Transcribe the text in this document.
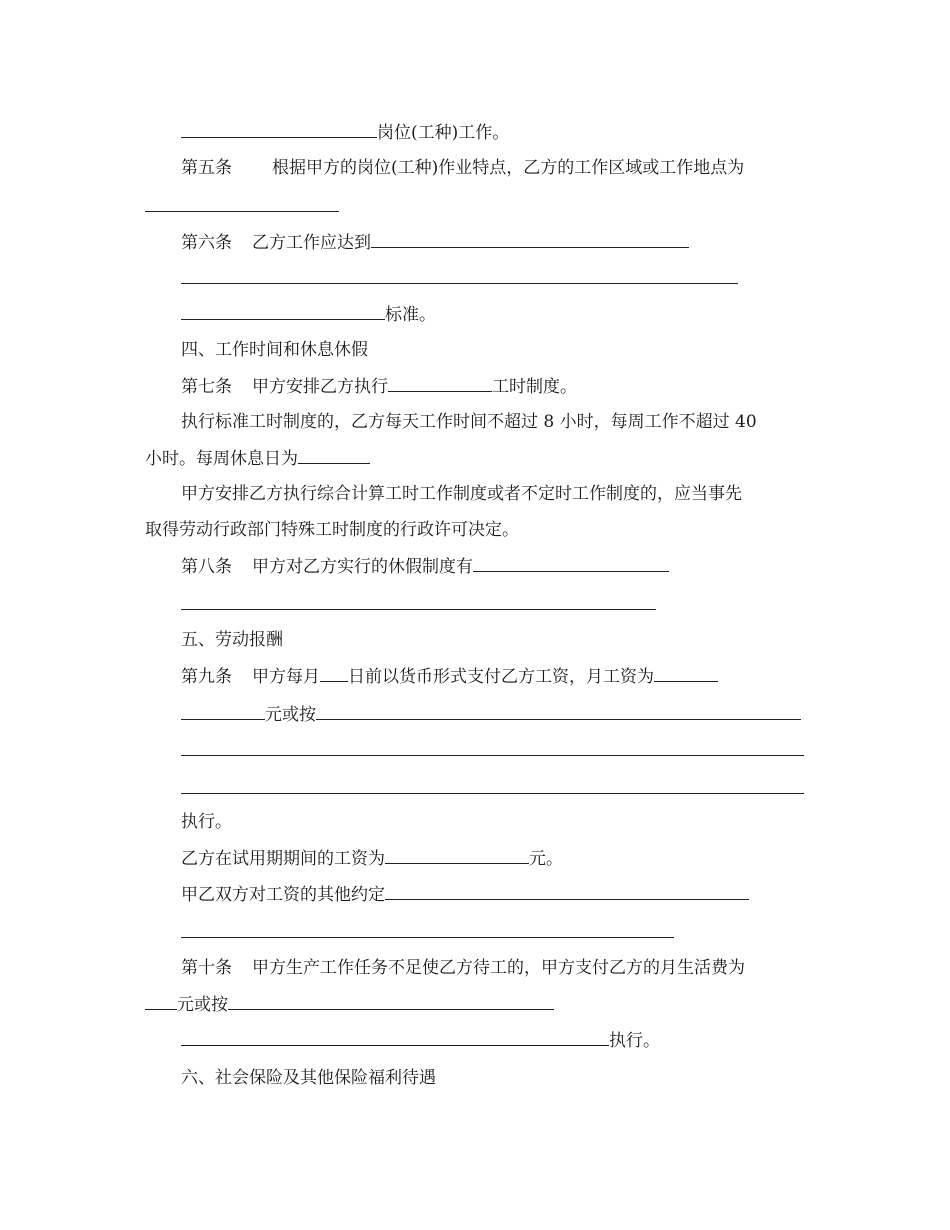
岗位(工种)工作。
第五条 根据甲方的岗位(工种)作业特点，乙方的工作区域或工作地点为
第六条 乙方工作应达到
标准。
四、工作时间和休息休假
第七条 甲方安排乙方执行	工时制度。
执行标准工时制度的，乙方每天工作时间不超过 8 小时，每周工作不超过 40
小时。每周休息日为
甲方安排乙方执行综合计算工时工作制度或者不定时工作制度的，应当事先
取得劳动行政部门特殊工时制度的行政许可决定。
第八条 甲方对乙方实行的休假制度有
五、劳动报酬
第九条 甲方每月 日前以货币形式支付乙方工资，月工资为
元或按
执行。
乙方在试用期期间的工资为	元。
甲乙双方对工资的其他约定
第十条 甲方生产工作任务不足使乙方待工的，甲方支付乙方的月生活费为
元或按
执行。
六、社会保险及其他保险福利待遇
